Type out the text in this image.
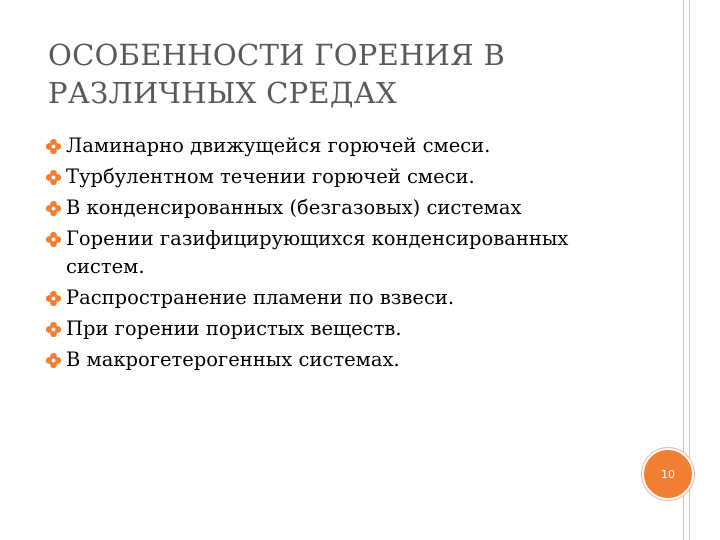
ОСОБЕННОСТИ ГОРЕНИЯ В
РАЗЛИЧНЫХ СРЕДАХ
Ламинарно движущейся горючей смеси.
Турбулентном течении горючей смеси.
В конденсированных (безгазовых) системах
Горении газифицирующихся конденсированных систем.
Распространение пламени по взвеси.
При горении пористых веществ.
В макрогетерогенных системах.
10
